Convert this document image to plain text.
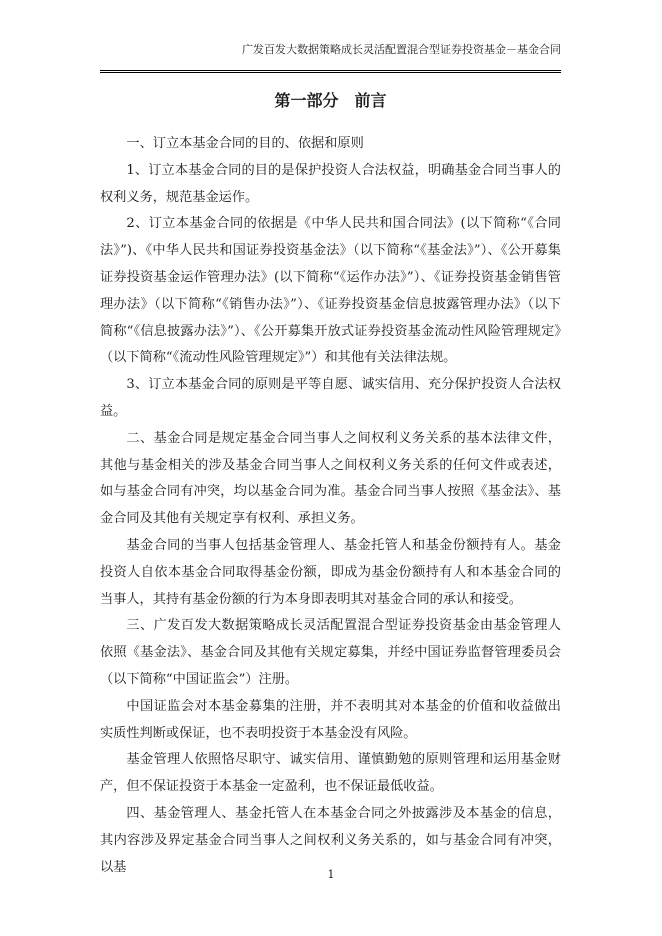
广发百发大数据策略成长灵活配置混合型证券投资基金－基金合同
第一部分　前言

一、订立本基金合同的目的、依据和原则

1、订立本基金合同的目的是保护投资人合法权益，明确基金合同当事人的权利义务，规范基金运作。

2、订立本基金合同的依据是《中华人民共和国合同法》(以下简称“《合同法》”)、《中华人民共和国证券投资基金法》（以下简称“《基金法》”）、《公开募集证券投资基金运作管理办法》(以下简称“《运作办法》”）、《证券投资基金销售管理办法》（以下简称“《销售办法》”）、《证券投资基金信息披露管理办法》（以下简称“《信息披露办法》”）、《公开募集开放式证券投资基金流动性风险管理规定》（以下简称“《流动性风险管理规定》”）和其他有关法律法规。

3、订立本基金合同的原则是平等自愿、诚实信用、充分保护投资人合法权益。

二、基金合同是规定基金合同当事人之间权利义务关系的基本法律文件，其他与基金相关的涉及基金合同当事人之间权利义务关系的任何文件或表述，如与基金合同有冲突，均以基金合同为准。基金合同当事人按照《基金法》、基金合同及其他有关规定享有权利、承担义务。

基金合同的当事人包括基金管理人、基金托管人和基金份额持有人。基金投资人自依本基金合同取得基金份额，即成为基金份额持有人和本基金合同的当事人，其持有基金份额的行为本身即表明其对基金合同的承认和接受。

三、广发百发大数据策略成长灵活配置混合型证券投资基金由基金管理人依照《基金法》、基金合同及其他有关规定募集，并经中国证券监督管理委员会（以下简称“中国证监会”）注册。

中国证监会对本基金募集的注册，并不表明其对本基金的价值和收益做出实质性判断或保证，也不表明投资于本基金没有风险。

基金管理人依照恪尽职守、诚实信用、谨慎勤勉的原则管理和运用基金财产，但不保证投资于本基金一定盈利，也不保证最低收益。

四、基金管理人、基金托管人在本基金合同之外披露涉及本基金的信息，其内容涉及界定基金合同当事人之间权利义务关系的，如与基金合同有冲突，以基	1
